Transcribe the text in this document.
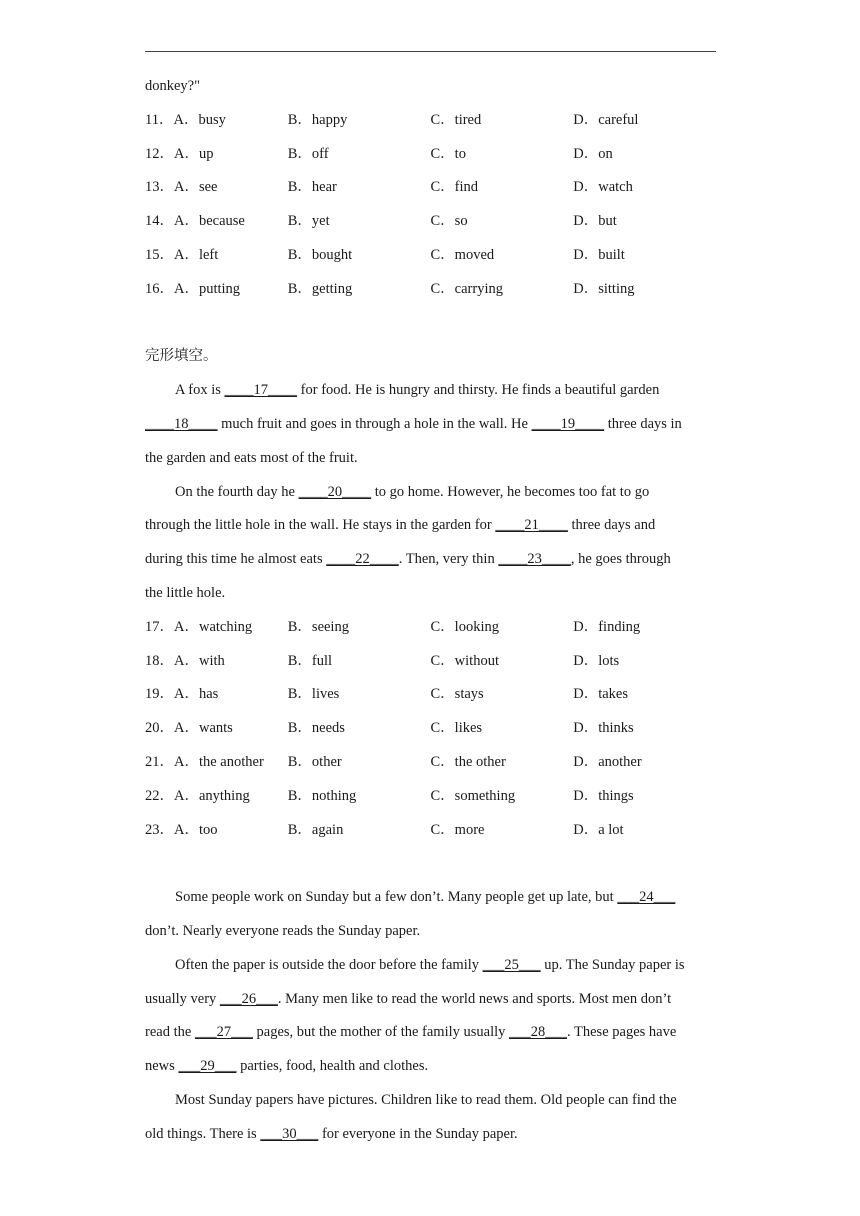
donkey?"
11．A．busy	B．happy	C．tired	D．careful
12．A．up	B．off	C．to	D．on
13．A．see	B．hear	C．find	D．watch
14．A．because	B．yet	C．so	D．but
15．A．left	B．bought	C．moved	D．built
16．A．putting	B．getting	C．carrying	D．sitting
完形填空。
A fox is ____17____ for food. He is hungry and thirsty. He finds a beautiful garden
____18____ much fruit and goes in through a hole in the wall. He ____19____ three days in
the garden and eats most of the fruit.
On the fourth day he ____20____ to go home. However, he becomes too fat to go
through the little hole in the wall. He stays in the garden for ____21____ three days and
during this time he almost eats ____22____. Then, very thin ____23____, he goes through
the little hole.
17．A．watching	B．seeing	C．looking	D．finding
18．A．with	B．full	C．without	D．lots
19．A．has	B．lives	C．stays	D．takes
20．A．wants	B．needs	C．likes	D．thinks
21．A．the another	B．other	C．the other	D．another
22．A．anything	B．nothing	C．something	D．things
23．A．too	B．again	C．more	D．a lot
Some people work on Sunday but a few don’t. Many people get up late, but ___24___
don’t. Nearly everyone reads the Sunday paper.
Often the paper is outside the door before the family ___25___ up. The Sunday paper is
usually very ___26___. Many men like to read the world news and sports. Most men don’t
read the ___27___ pages, but the mother of the family usually ___28___. These pages have
news ___29___ parties, food, health and clothes.
Most Sunday papers have pictures. Children like to read them. Old people can find the
old things. There is ___30___ for everyone in the Sunday paper.
